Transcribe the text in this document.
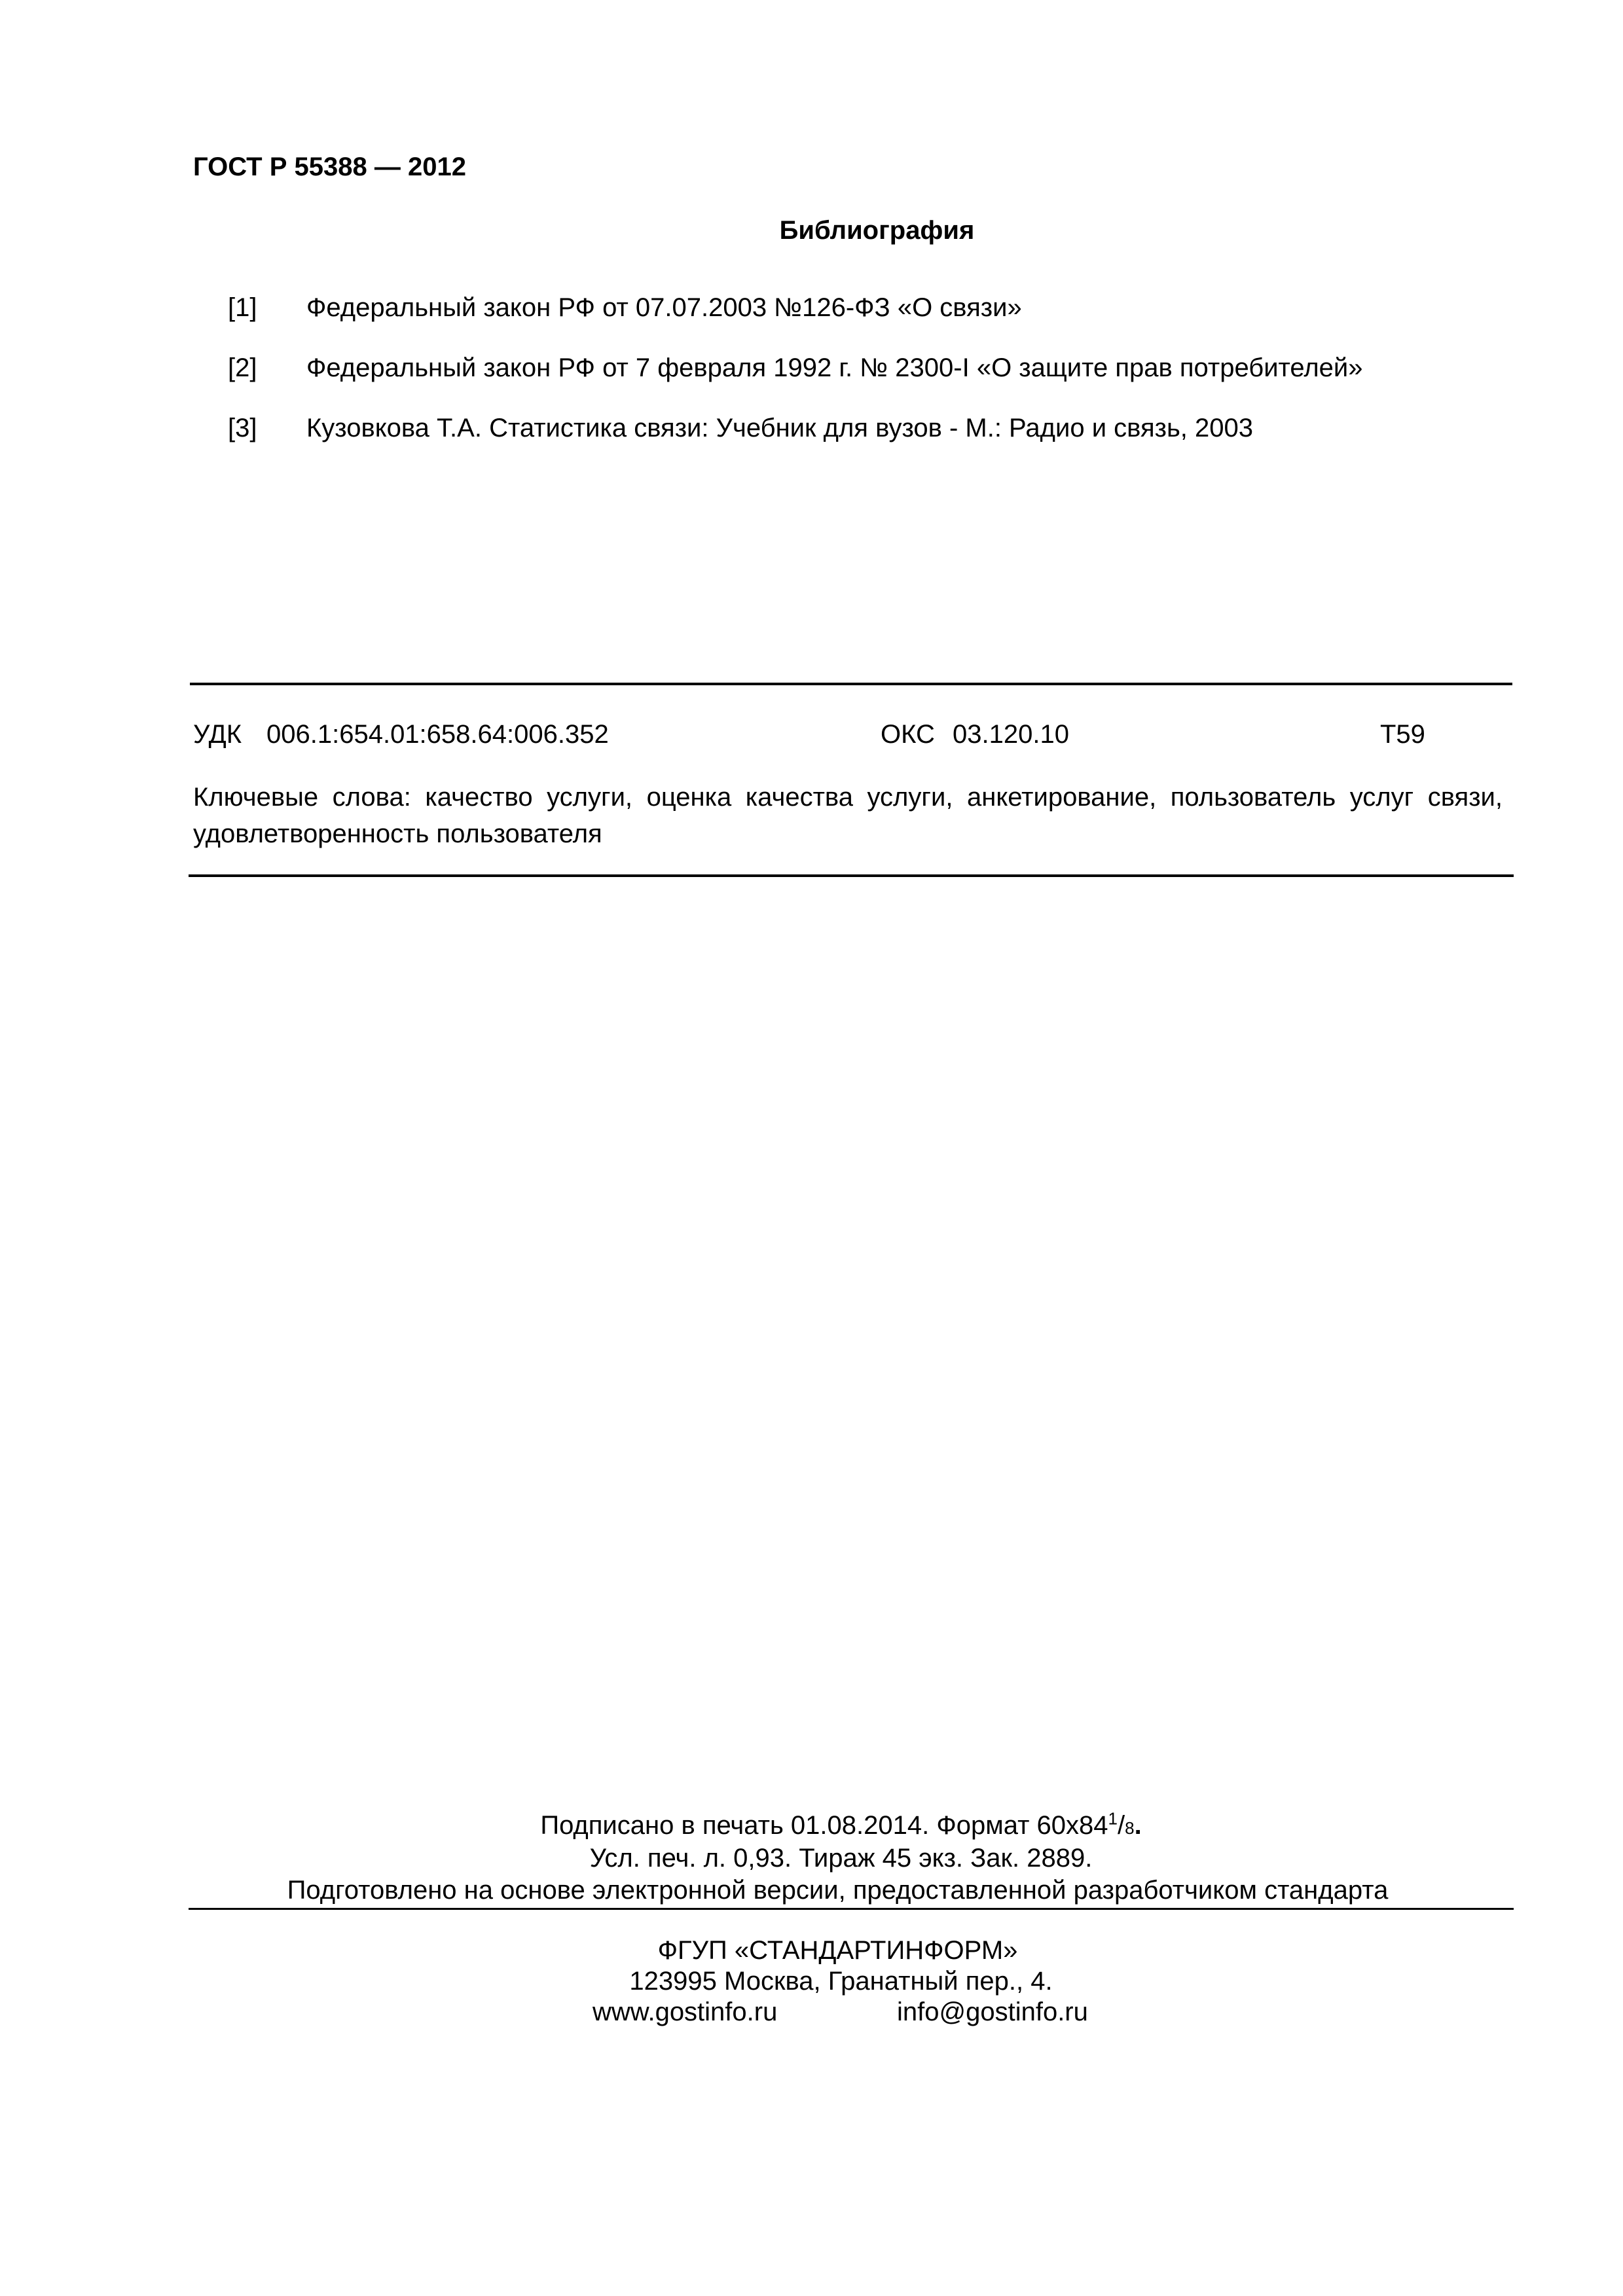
ГОСТ Р 55388 — 2012
Библиография
[1] Федеральный закон РФ от 07.07.2003 №126-ФЗ «О связи»
[2] Федеральный закон РФ от 7 февраля 1992 г. № 2300-I «О защите прав потребителей»
[3] Кузовкова Т.А. Статистика связи: Учебник для вузов - М.: Радио и связь, 2003
УДК 006.1:654.01:658.64:006.352	ОКС 03.120.10	Т59
Ключевые слова: качество услуги, оценка качества услуги, анкетирование, пользователь услуг связи, удовлетворенность пользователя
Подписано в печать 01.08.2014. Формат $60х84^1/8$.
Усл. печ. л. 0,93. Тираж 45 экз. Зак. 2889.
Подготовлено на основе электронной версии, предоставленной разработчиком стандарта
ФГУП «СТАНДАРТИНФОРМ»
123995 Москва, Гранатный пер., 4.
www.gostinfo.ru	info@gostinfo.ru
